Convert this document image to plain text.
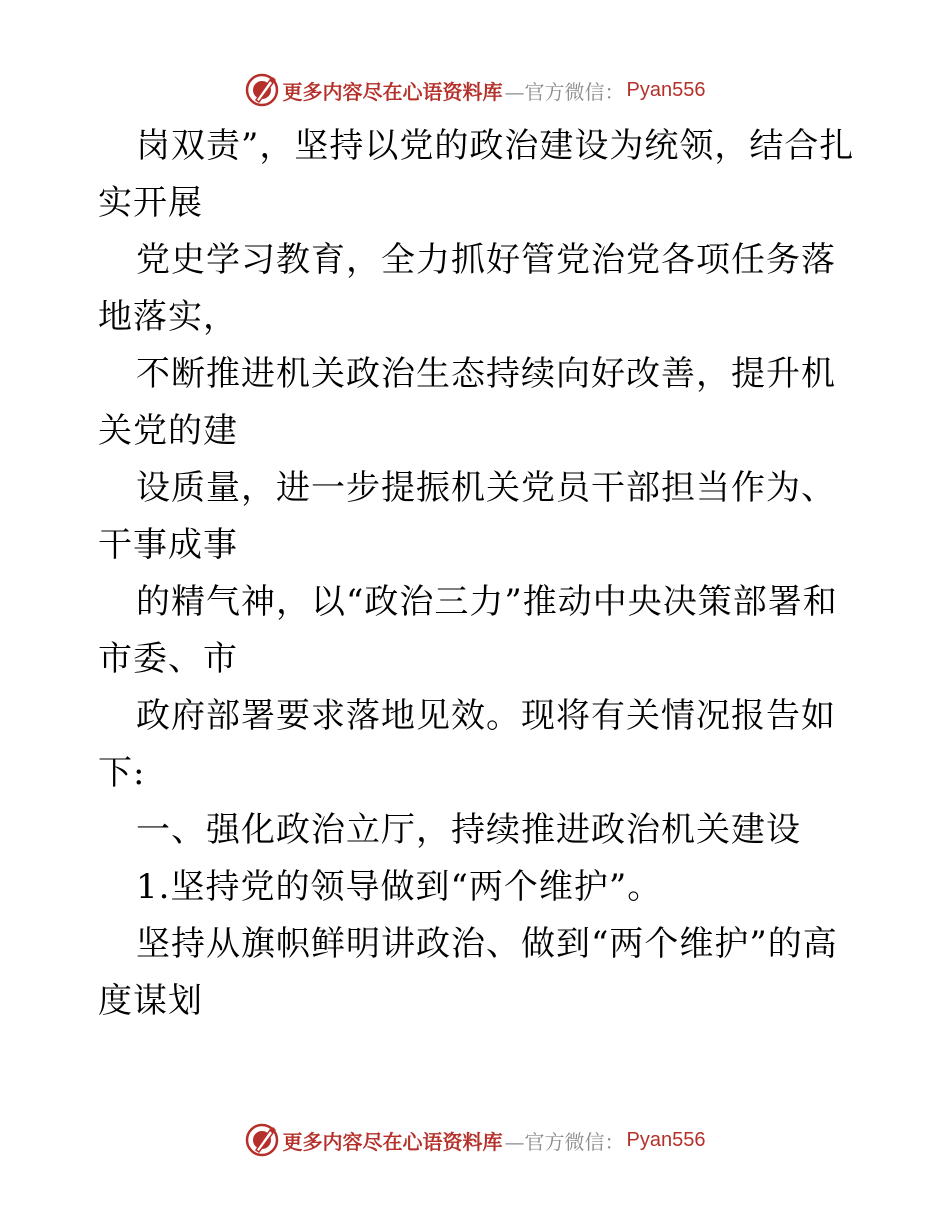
更多内容尽在心语资料库 —官方微信： Pyan556

岗双责”，坚持以党的政治建设为统领，结合扎实开展

党史学习教育，全力抓好管党治党各项任务落地落实，

不断推进机关政治生态持续向好改善，提升机关党的建

设质量，进一步提振机关党员干部担当作为、干事成事

的精气神，以“政治三力”推动中央决策部署和市委、市

政府部署要求落地见效。现将有关情况报告如下:

一、强化政治立厅，持续推进政治机关建设

1.坚持党的领导做到“两个维护”。

坚持从旗帜鲜明讲政治、做到“两个维护”的高度谋划

更多内容尽在心语资料库 —官方微信： Pyan556
